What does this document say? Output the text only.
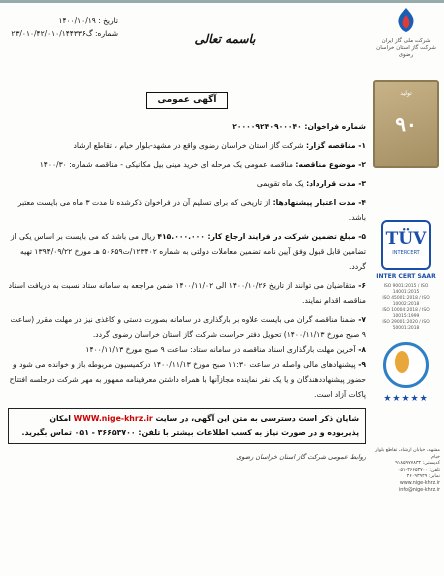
تاریخ : ۱۴۰۰/۱۰/۱۹
شماره: گ۲۳/۰۱۰/۴۲/۰۱۰/۱۴۴۳۳۶	باسمه تعالی	شرکت ملی گاز ایران
شرکت گاز استان خراسان رضوی
آگهی عمومی
شماره فراخوان: ۲۰۰۰۰۹۲۴۰۹۰۰۰۴۰

۱- مناقصه گزار: شرکت گاز استان خراسان رضوی واقع در مشهد-بلوار خیام ، تقاطع ارشاد

۲- موضوع مناقصه: مناقصه عمومی یک مرحله ای خرید مینی بیل مکانیکی - مناقصه شماره: ۱۴۰۰/۳۰

۳- مدت قرارداد: یک ماه تقویمی

۴- مدت اعتبار پیشنهادها: از تاریخی که برای تسلیم آن در فراخوان ذکرشده تا مدت ۳ ماه می بایست معتبر باشد.

۵- مبلغ تضمین شرکت در فرایند ارجاع کار: ۴۱۵.۰۰۰.۰۰۰ ریال می باشد که می بایست بر اساس یکی از تضامین قابل قبول وفق آیین نامه تضمین معاملات دولتی به شماره ۱۲۳۴۰۲/ت۵۰۶۵۹ هـ مورخ ۱۳۹۴/۰۹/۲۲ تهیه گردد.

۶- متقاضیان می توانند از تاریخ ۱۴۰۰/۱۰/۲۶ الی ۱۴۰۰/۱۱/۰۲ ضمن مراجعه به سامانه ستاد نسبت به دریافت اسناد مناقصه اقدام نمایند.

۷- ضمنا مناقصه گران می بایست علاوه بر بارگذاری در سامانه بصورت دستی و کاغذی نیز در مهلت مقرر (ساعت ۹ صبح مورخ ۱۴۰۰/۱۱/۱۳) تحویل دفتر حراست شرکت گاز استان خراسان رضوی گردد.

۸- آخرین مهلت بارگذاری اسناد مناقصه در سامانه ستاد: ساعت ۹ صبح مورخ ۱۴۰۰/۱۱/۱۳

۹- پیشنهادهای مالی واصله در ساعت ۱۱:۳۰ صبح مورخ ۱۴۰۰/۱۱/۱۳ درکمیسیون مربوطه باز و خوانده می شود و حضور پیشنهاددهندگان و یا یک نفر نماینده مجازآنها با همراه داشتن معرفینامه ممهور به مهر شرکت درجلسه افتتاح پاکات آزاد است.

شایان ذکر است دسترسی به متن این آگهی، در سایت WWW.nige-khrz.ir امکان
پذیربوده و در صورت نیاز به کسب اطلاعات بیشتر با تلفن: ۳۶۶۵۳۷۰۰ - ۰۵۱ تماس بگیرید.
روابط عمومی شرکت گاز استان خراسان رضوی
تولید
۹۰
TÜV
INTERCERT
INTER CERT SAAR
ISO 9001:2015 / ISO 14001:2015
ISO 45001:2018 / ISO 10002:2018
ISO 10004:2018 / ISO 10015:1999
ISO 29001:2020 / ISO 50001:2018
★★★★★
مشهد، خیابان ارشاد، تقاطع بلوار خیام
کدپستی: ۹۱۸۵۹۷۷۸۳۳
تلفن: ۳۶۶۵۳۷۰۰-۰۵۱
نمابر: ۳۶۰۹۳۹۳۹
www.nige-khrz.ir
info@nige-khrz.ir
